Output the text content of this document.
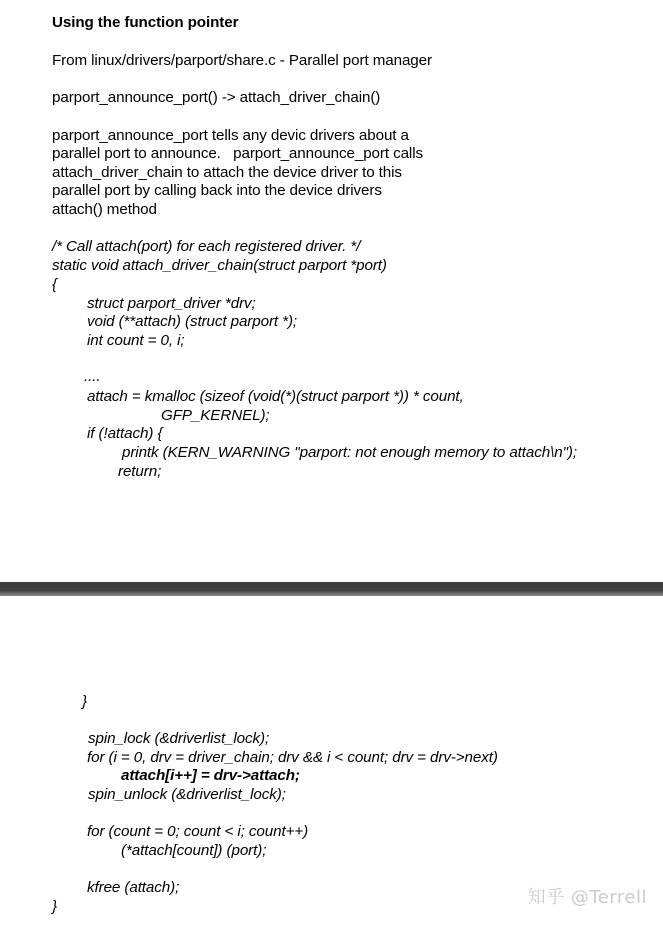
Using the function pointer
From linux/drivers/parport/share.c - Parallel port manager
parport_announce_port() -> attach_driver_chain()
parport_announce_port tells any devic drivers about a
parallel port to announce.   parport_announce_port calls
attach_driver_chain to attach the device driver to this
parallel port by calling back into the device drivers
attach() method
/* Call attach(port) for each registered driver. */
static void attach_driver_chain(struct parport *port)
{
struct parport_driver *drv;
void (**attach) (struct parport *);
int count = 0, i;
....
attach = kmalloc (sizeof (void(*)(struct parport *)) * count,
GFP_KERNEL);
if (!attach) {
printk (KERN_WARNING "parport: not enough memory to attach\n");
return;
}
spin_lock (&driverlist_lock);
for (i = 0, drv = driver_chain; drv && i < count; drv = drv->next)
attach[i++] = drv->attach;
spin_unlock (&driverlist_lock);
for (count = 0; count < i; count++)
(*attach[count]) (port);
kfree (attach);
}	知乎 @Terrell
